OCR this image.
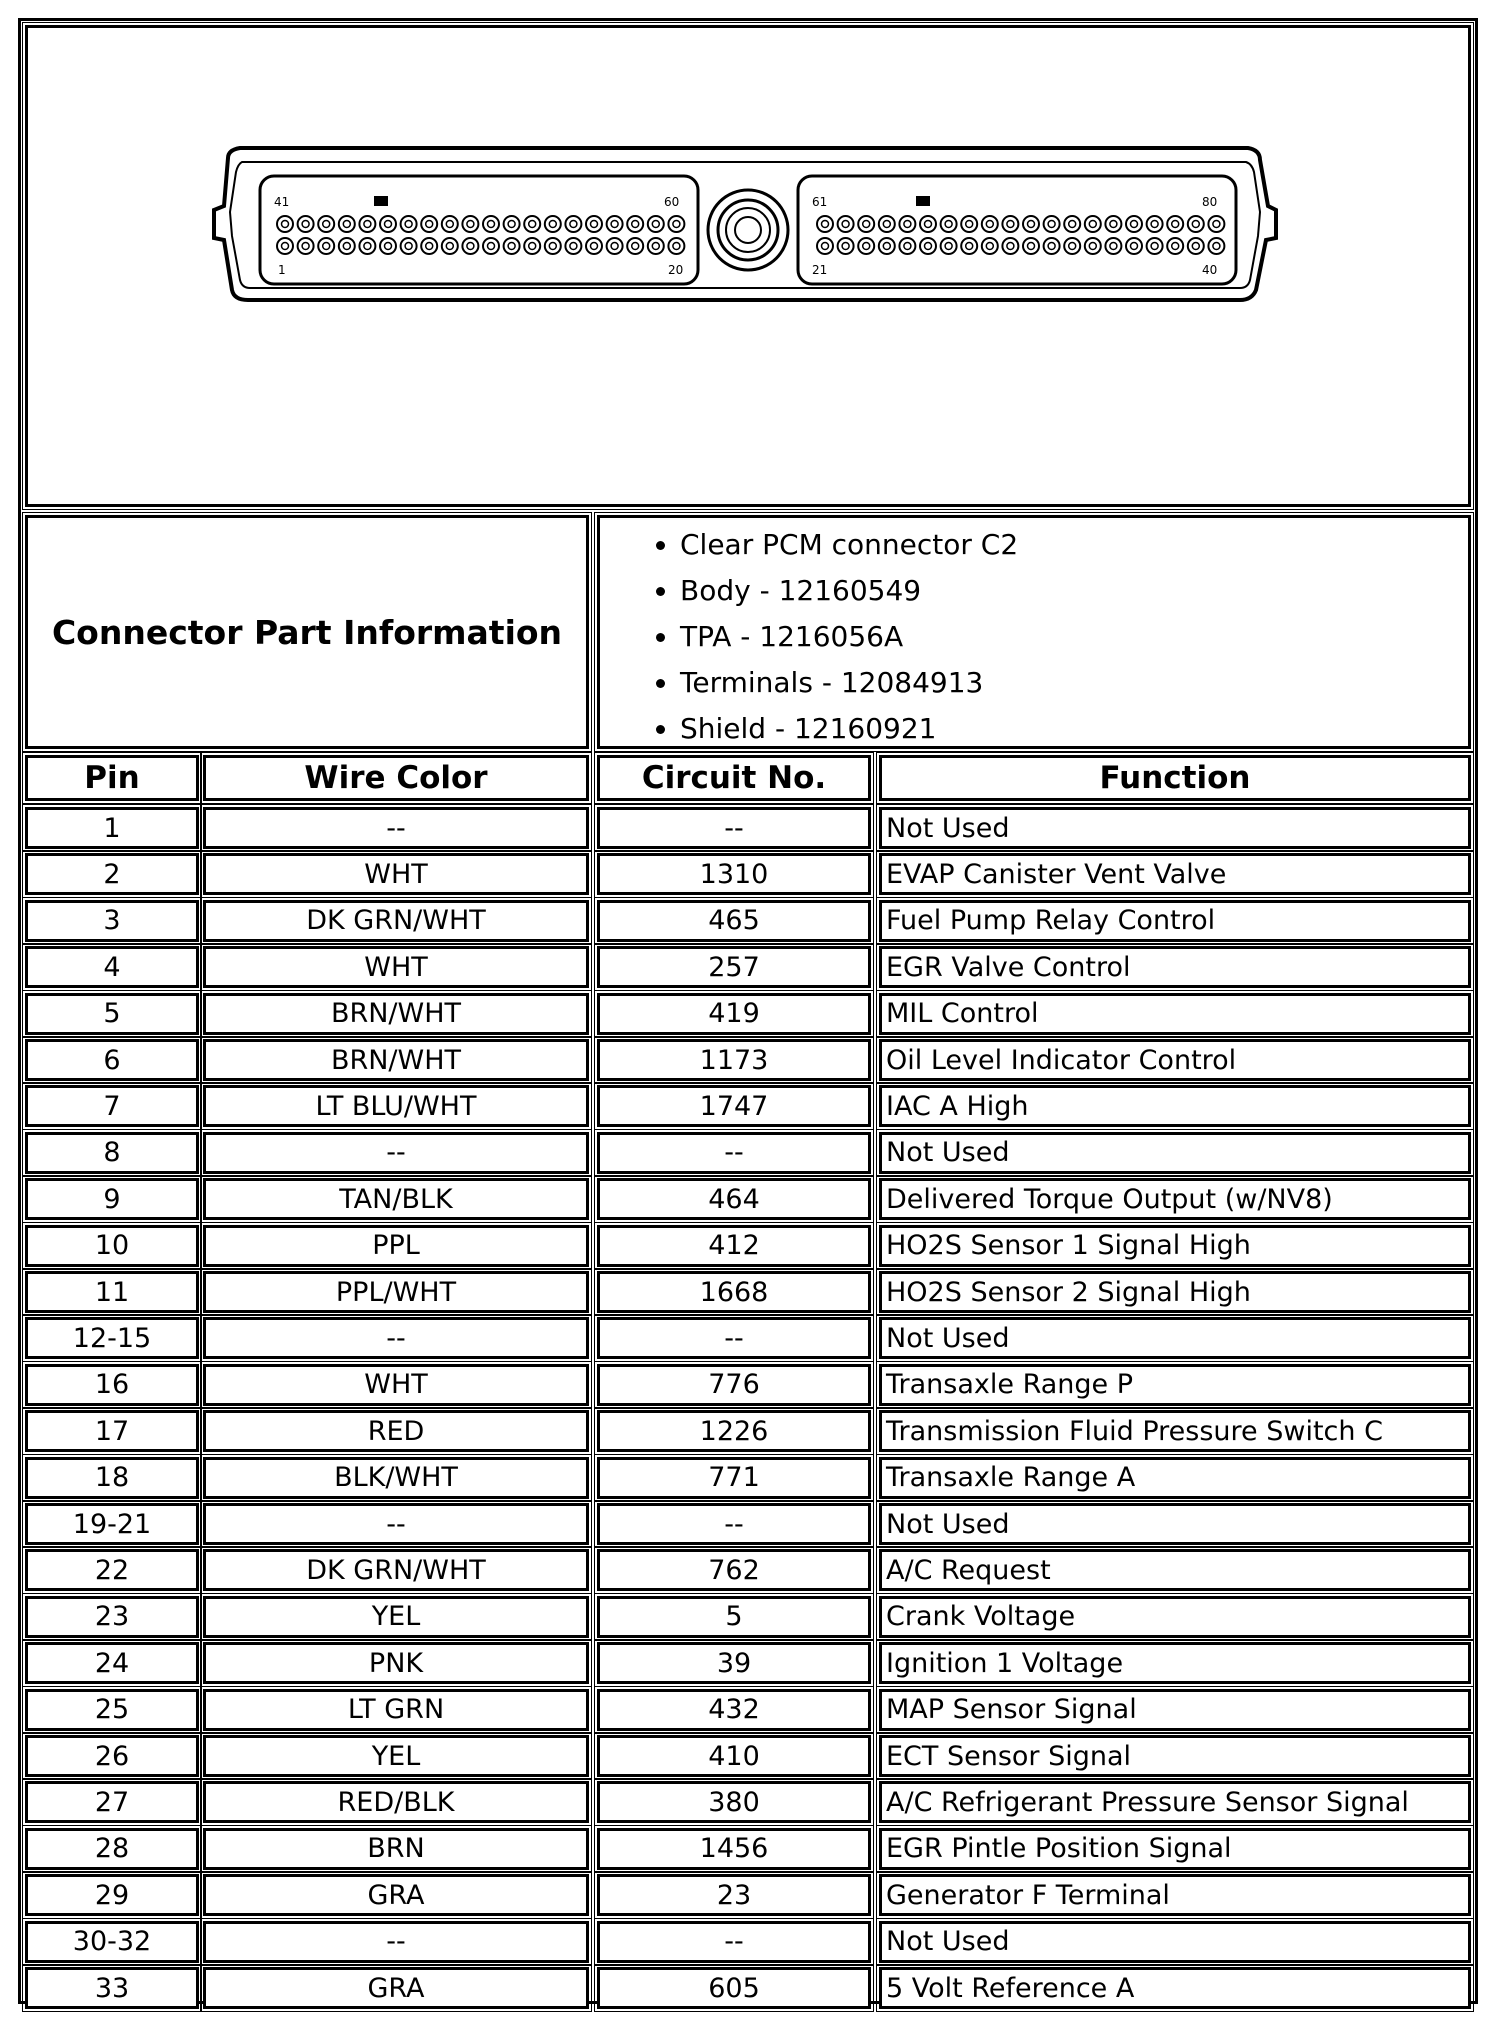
41	60
1	20
61	80
21	40
Connector Part Information
• Clear PCM connector C2
• Body - 12160549
• TPA - 1216056A
• Terminals - 12084913
• Shield - 12160921
Pin	Wire Color	Circuit No.	Function
1	--	--	Not Used
2	WHT	1310	EVAP Canister Vent Valve
3	DK GRN/WHT	465	Fuel Pump Relay Control
4	WHT	257	EGR Valve Control
5	BRN/WHT	419	MIL Control
6	BRN/WHT	1173	Oil Level Indicator Control
7	LT BLU/WHT	1747	IAC A High
8	--	--	Not Used
9	TAN/BLK	464	Delivered Torque Output (w/NV8)
10	PPL	412	HO2S Sensor 1 Signal High
11	PPL/WHT	1668	HO2S Sensor 2 Signal High
12-15	--	--	Not Used
16	WHT	776	Transaxle Range P
17	RED	1226	Transmission Fluid Pressure Switch C
18	BLK/WHT	771	Transaxle Range A
19-21	--	--	Not Used
22	DK GRN/WHT	762	A/C Request
23	YEL	5	Crank Voltage
24	PNK	39	Ignition 1 Voltage
25	LT GRN	432	MAP Sensor Signal
26	YEL	410	ECT Sensor Signal
27	RED/BLK	380	A/C Refrigerant Pressure Sensor Signal
28	BRN	1456	EGR Pintle Position Signal
29	GRA	23	Generator F Terminal
30-32	--	--	Not Used
33	GRA	605	5 Volt Reference A
